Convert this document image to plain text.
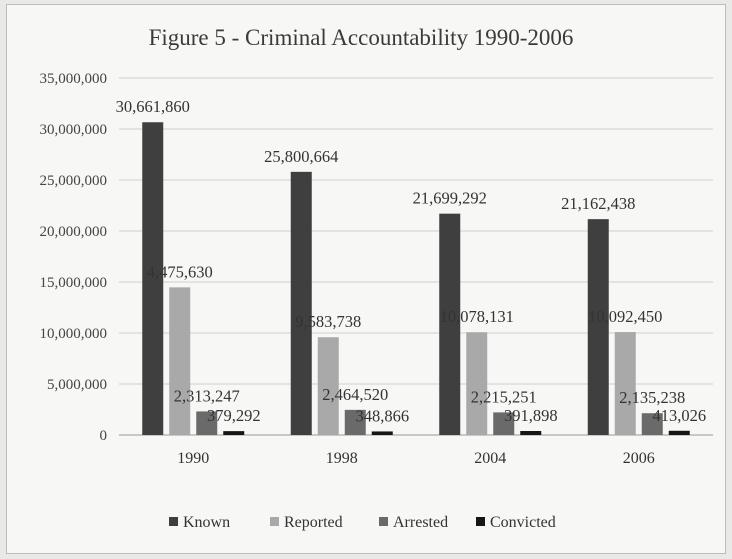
Figure 5 - Criminal Accountability 1990-2006
0
5,000,000
10,000,000
15,000,000
20,000,000
25,000,000
30,000,000
35,000,000
30,661,860
4,475,630
2,313,247
379,292
25,800,664
9,583,738
2,464,520
348,866
21,699,292
10,078,131
2,215,251
391,898
21,162,438
10,092,450
2,135,238
413,026
1990	1998	2004	2006
Known	Reported	Arrested	Convicted
